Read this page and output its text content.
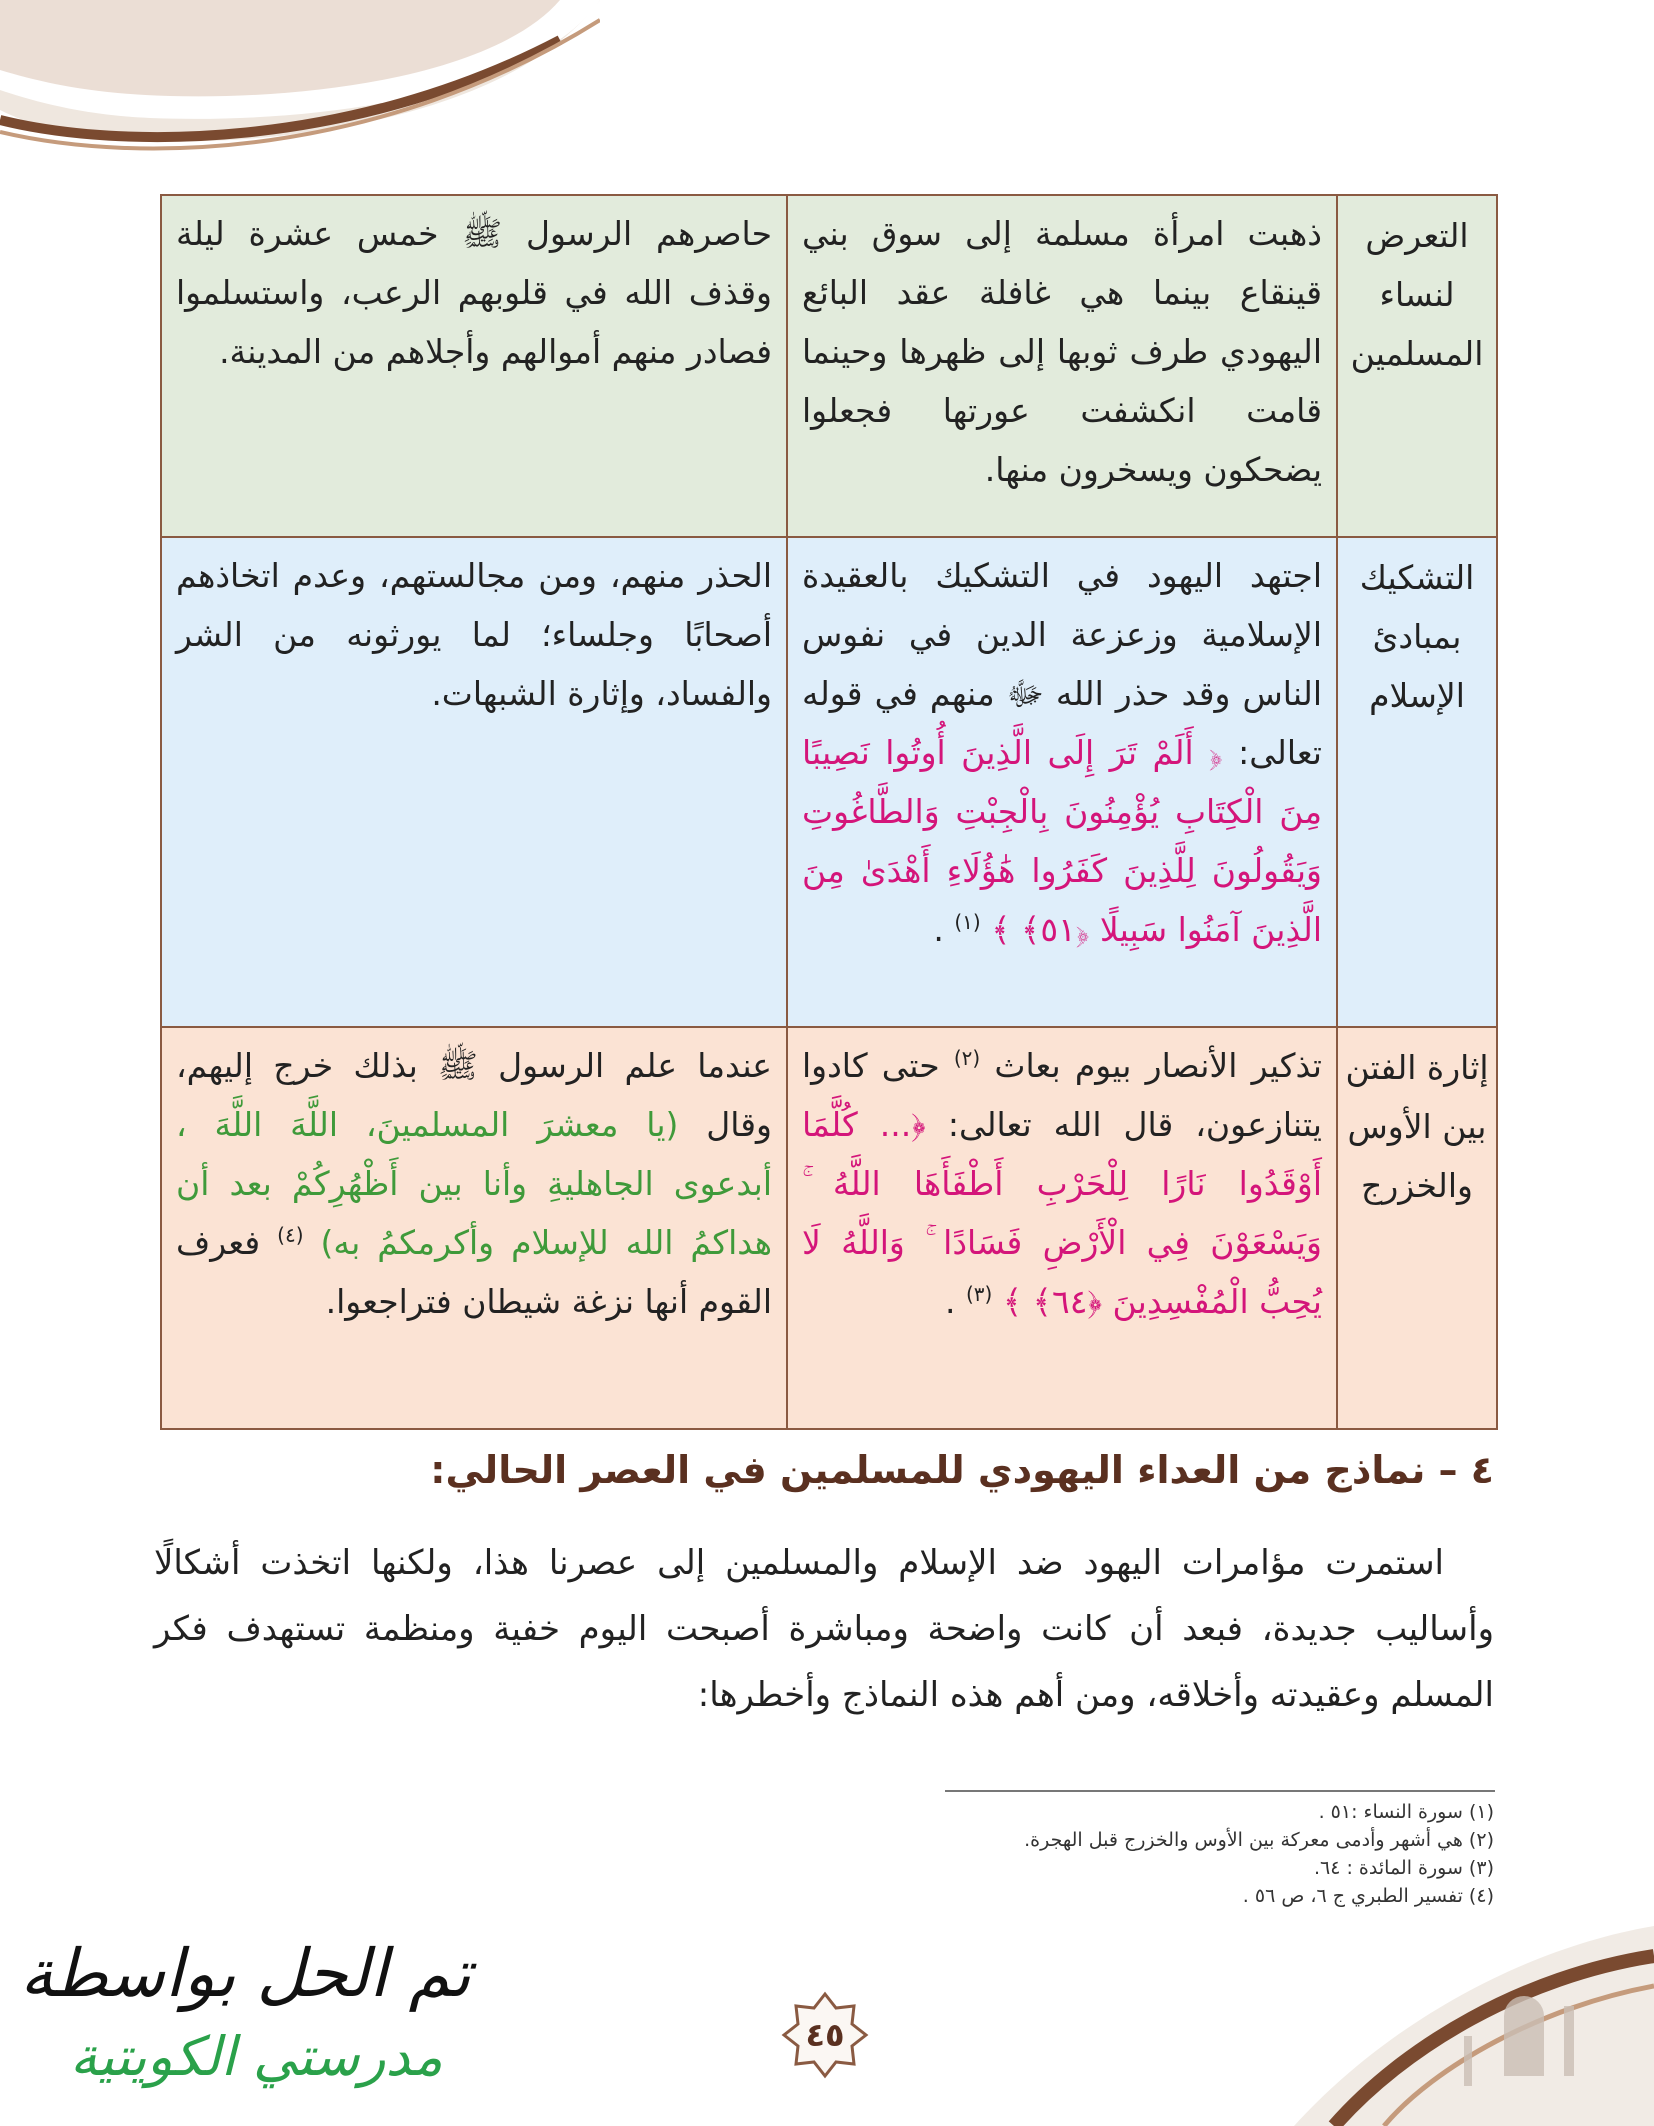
التعرض لنساء المسلمين	ذهبت امرأة مسلمة إلى سوق بني قينقاع بينما هي غافلة عقد البائع اليهودي طرف ثوبها إلى ظهرها وحينما قامت انكشفت عورتها فجعلوا يضحكون ويسخرون منها.	حاصرهم الرسول ﷺ خمس عشرة ليلة وقذف الله في قلوبهم الرعب، واستسلموا فصادر منهم أموالهم وأجلاهم من المدينة.
التشكيك بمبادئ الإسلام	اجتهد اليهود في التشكيك بالعقيدة الإسلامية وزعزعة الدين في نفوس الناس وقد حذر الله ﷻ منهم في قوله تعالى: ﴿ أَلَمْ تَرَ إِلَى الَّذِينَ أُوتُوا نَصِيبًا مِنَ الْكِتَابِ يُؤْمِنُونَ بِالْجِبْتِ وَالطَّاغُوتِ وَيَقُولُونَ لِلَّذِينَ كَفَرُوا هَٰؤُلَاءِ أَهْدَىٰ مِنَ الَّذِينَ آمَنُوا سَبِيلًا ﴿٥١﴾ ﴾ $^{(١)}$ .	الحذر منهم، ومن مجالستهم، وعدم اتخاذهم أصحابًا وجلساء؛ لما يورثونه من الشر والفساد، وإثارة الشبهات.
إثارة الفتن بين الأوس والخزرج	تذكير الأنصار بيوم بعاث $^{(٢)}$ حتى كادوا يتنازعون، قال الله تعالى: ﴿... كُلَّمَا أَوْقَدُوا نَارًا لِلْحَرْبِ أَطْفَأَهَا اللَّهُ ۚ وَيَسْعَوْنَ فِي الْأَرْضِ فَسَادًا ۚ وَاللَّهُ لَا يُحِبُّ الْمُفْسِدِينَ ﴿٦٤﴾ ﴾ $^{(٣)}$ .	عندما علم الرسول ﷺ بذلك خرج إليهم، وقال (يا معشرَ المسلمينَ، اللَّهَ اللَّهَ ، أبدعوى الجاهليةِ وأنا بين أَظْهُرِكُمْ بعد أن هداكمُ الله للإسلام وأكرمكمُ به) $^{(٤)}$ فعرف القوم أنها نزغة شيطان فتراجعوا.
٤ – نماذج من العداء اليهودي للمسلمين في العصر الحالي:

استمرت مؤامرات اليهود ضد الإسلام والمسلمين إلى عصرنا هذا، ولكنها اتخذت أشكالًا وأساليب جديدة، فبعد أن كانت واضحة ومباشرة أصبحت اليوم خفية ومنظمة تستهدف فكر المسلم وعقيدته وأخلاقه، ومن أهم هذه النماذج وأخطرها:

(١) سورة النساء :٥١ .
(٢) هي أشهر وأدمى معركة بين الأوس والخزرج قبل الهجرة.
(٣) سورة المائدة : ٦٤.
(٤) تفسير الطبري ج ٦، ص ٥٦ .
تم الحل بواسطة
مدرستي الكويتية	٤٥
